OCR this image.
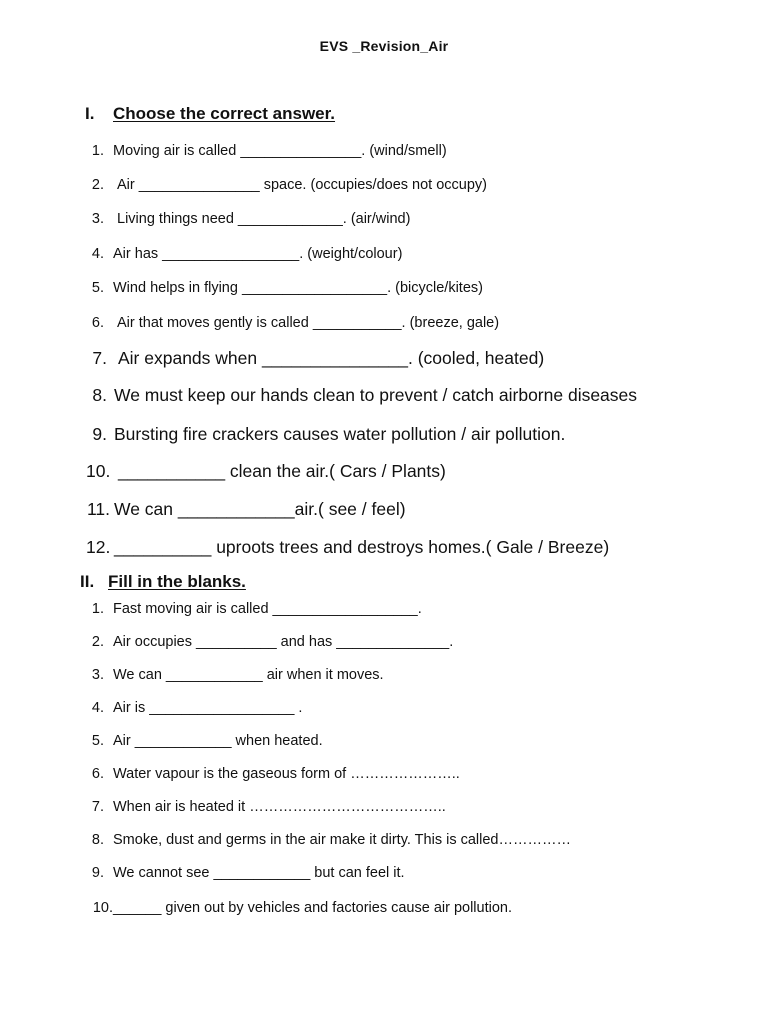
EVS _Revision_Air
I. Choose the correct answer.
1. Moving air is called _______________. (wind/smell)
2. Air _______________ space. (occupies/does not occupy)
3. Living things need _____________. (air/wind)
4. Air has _________________. (weight/colour)
5. Wind helps in flying __________________. (bicycle/kites)
6. Air that moves gently is called ___________. (breeze, gale)
7. Air expands when _______________. (cooled, heated)
8. We must keep our hands clean to prevent / catch airborne diseases
9. Bursting fire crackers causes water pollution / air pollution.
10. ___________ clean the air.( Cars / Plants)
11. We can ____________air.( see / feel)
12. __________ uproots trees and destroys homes.( Gale / Breeze)
II. Fill in the blanks.
1. Fast moving air is called __________________.
2. Air occupies __________ and has ______________.
3. We can ____________ air when it moves.
4. Air is __________________ .
5. Air ____________ when heated.
6. Water vapour is the gaseous form of …………………..
7. When air is heated it …………………………………..
8. Smoke, dust and germs in the air make it dirty. This is called……………
9. We cannot see ____________ but can feel it.
10. ______ given out by vehicles and factories cause air pollution.
